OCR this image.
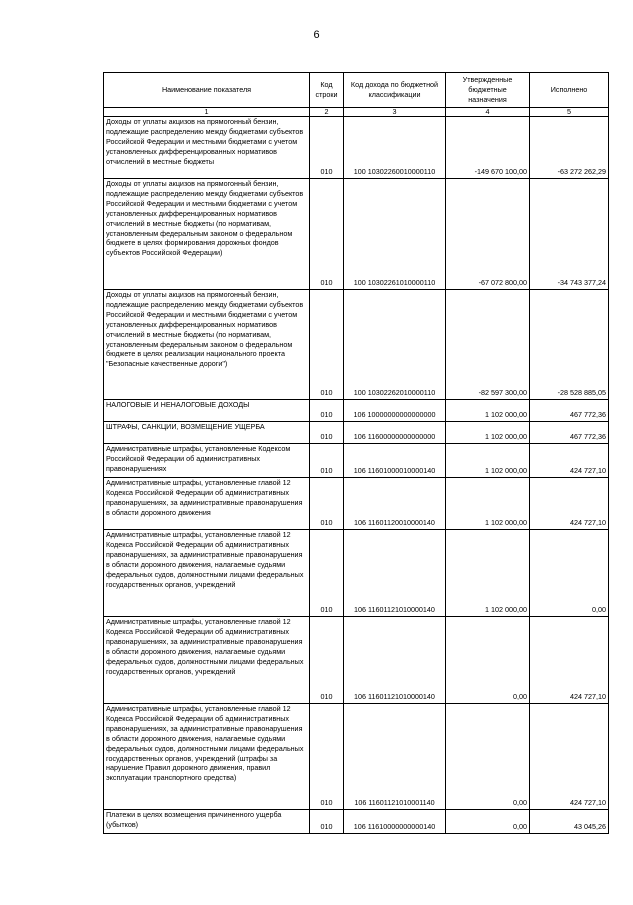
6
Наименование показателя	Код строки	Код дохода по бюджетной классификации	Утвержденные бюджетные назначения	Исполнено
1	2	3	4	5
Доходы от уплаты акцизов на прямогонный бензин, подлежащие распределению между бюджетами субъектов Российской Федерации и местными бюджетами с учетом установленных дифференцированных нормативов отчислений в местные бюджеты	010	100 10302260010000110	-149 670 100,00	-63 272 262,29
Доходы от уплаты акцизов на прямогонный бензин, подлежащие распределению между бюджетами субъектов Российской Федерации и местными бюджетами с учетом установленных дифференцированных нормативов отчислений в местные бюджеты (по нормативам, установленным федеральным законом о федеральном бюджете в целях формирования дорожных фондов субъектов Российской Федерации)	010	100 10302261010000110	-67 072 800,00	-34 743 377,24
Доходы от уплаты акцизов на прямогонный бензин, подлежащие распределению между бюджетами субъектов Российской Федерации и местными бюджетами с учетом установленных дифференцированных нормативов отчислений в местные бюджеты (по нормативам, установленным федеральным законом о федеральном бюджете в целях реализации национального проекта "Безопасные качественные дороги")	010	100 10302262010000110	-82 597 300,00	-28 528 885,05
НАЛОГОВЫЕ И НЕНАЛОГОВЫЕ ДОХОДЫ	010	106 10000000000000000	1 102 000,00	467 772,36
ШТРАФЫ, САНКЦИИ, ВОЗМЕЩЕНИЕ УЩЕРБА	010	106 11600000000000000	1 102 000,00	467 772,36
Административные штрафы, установленные Кодексом Российской Федерации об административных правонарушениях	010	106 11601000010000140	1 102 000,00	424 727,10
Административные штрафы, установленные главой 12 Кодекса Российской Федерации об административных правонарушениях, за административные правонарушения в области дорожного движения	010	106 11601120010000140	1 102 000,00	424 727,10
Административные штрафы, установленные главой 12 Кодекса Российской Федерации об административных правонарушениях, за административные правонарушения в области дорожного движения, налагаемые судьями федеральных судов, должностными лицами федеральных государственных органов, учреждений	010	106 11601121010000140	1 102 000,00	0,00
Административные штрафы, установленные главой 12 Кодекса Российской Федерации об административных правонарушениях, за административные правонарушения в области дорожного движения, налагаемые судьями федеральных судов, должностными лицами федеральных государственных органов, учреждений	010	106 11601121010000140	0,00	424 727,10
Административные штрафы, установленные главой 12 Кодекса Российской Федерации об административных правонарушениях, за административные правонарушения в области дорожного движения, налагаемые судьями федеральных судов, должностными лицами федеральных государственных органов, учреждений (штрафы за нарушение Правил дорожного движения, правил эксплуатации транспортного средства)	010	106 11601121010001140	0,00	424 727,10
Платежи в целях возмещения причиненного ущерба (убытков)	010	106 11610000000000140	0,00	43 045,26
